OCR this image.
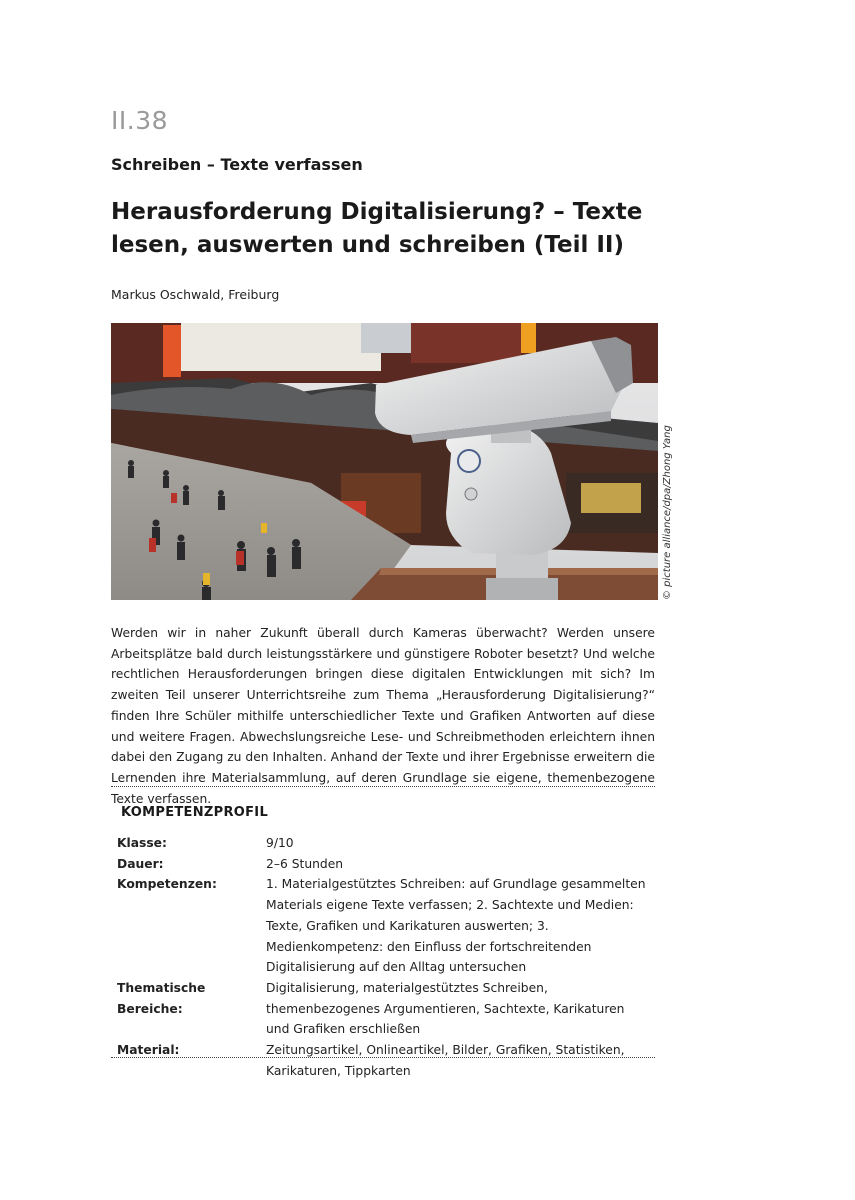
II.38
Schreiben – Texte verfassen
Herausforderung Digitalisierung? – Texte lesen, auswerten und schreiben (Teil II)
Markus Oschwald, Freiburg
© picture alliance/dpa/Zhong Yang
Werden wir in naher Zukunft überall durch Kameras überwacht? Werden unsere Arbeitsplätze bald durch leistungsstärkere und günstigere Roboter besetzt? Und welche rechtlichen Herausforderungen bringen diese digitalen Entwicklungen mit sich? Im zweiten Teil unserer Unterrichtsreihe zum Thema „Herausforderung Digitalisierung?“ finden Ihre Schüler mithilfe unterschiedlicher Texte und Grafiken Antworten auf diese und weitere Fragen. Abwechslungsreiche Lese- und Schreibmethoden erleichtern ihnen dabei den Zugang zu den Inhalten. Anhand der Texte und ihrer Ergebnisse erweitern die Lernenden ihre Materialsammlung, auf deren Grundlage sie eigene, themenbezogene Texte verfassen.
KOMPETENZPROFIL
Klasse:	9/10
Dauer:	2–6 Stunden
Kompetenzen:	1. Materialgestütztes Schreiben: auf Grundlage gesammelten Materials eigene Texte verfassen; 2. Sachtexte und Medien: Texte, Grafiken und Karikaturen auswerten; 3. Medienkompetenz: den Einfluss der fortschreitenden Digitalisierung auf den Alltag untersuchen
Thematische Bereiche:
Digitalisierung, materialgestütztes Schreiben, themenbezogenes Argumentieren, Sachtexte, Karikaturen und Grafiken erschließen
Material:	Zeitungsartikel, Onlineartikel, Bilder, Grafiken, Statistiken, Karikaturen, Tippkarten
